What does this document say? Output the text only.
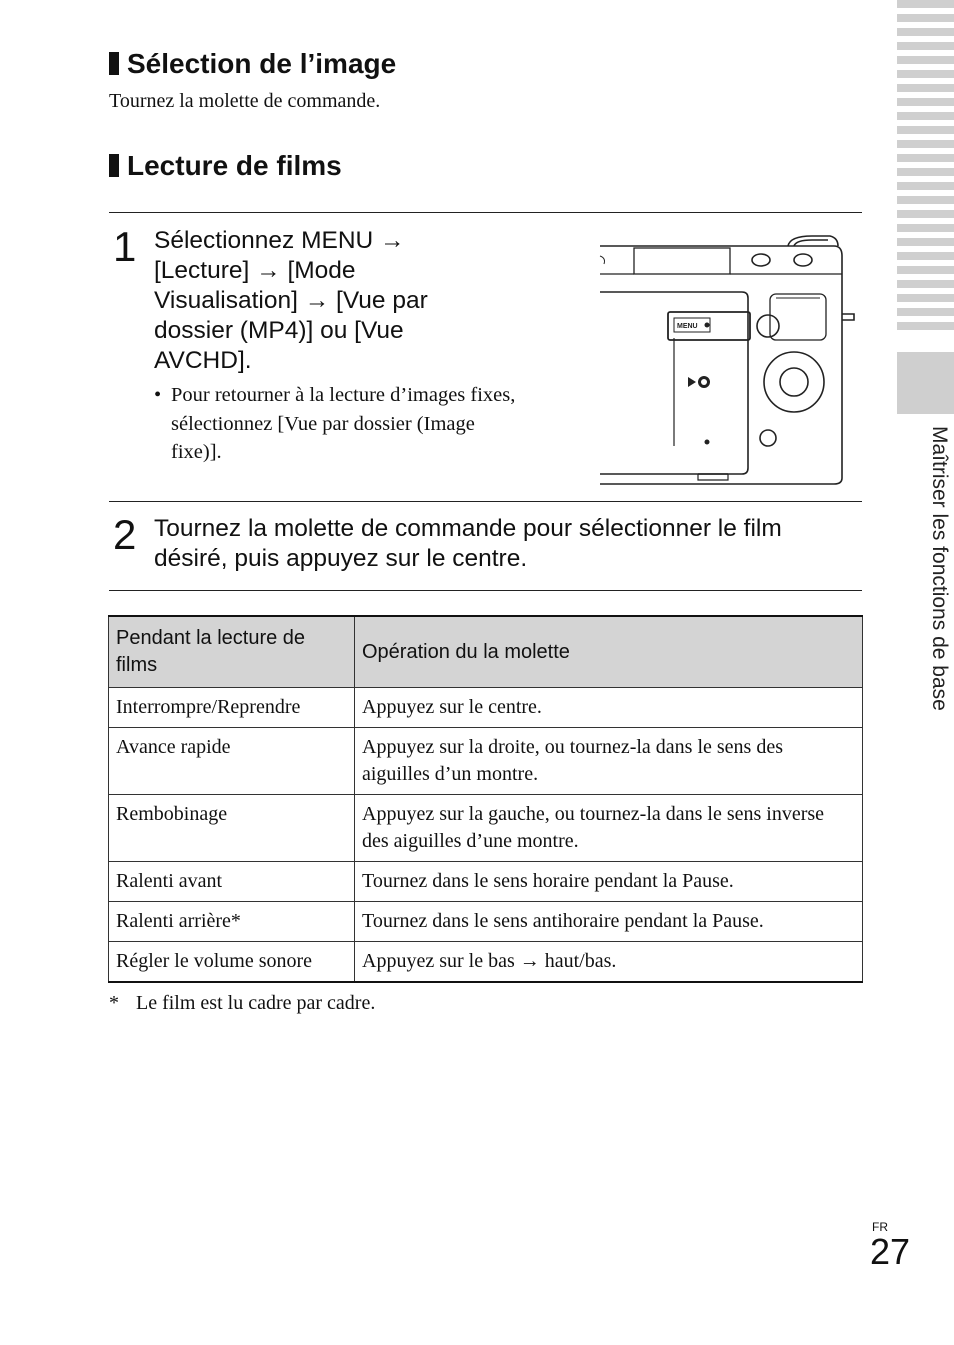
Maîtriser les fonctions de base
Sélection de l’image

Tournez la molette de commande.

Lecture de films
1 Sélectionnez MENU →
[Lecture] → [Mode
Visualisation] → [Vue par
dossier (MP4)] ou [Vue
AVCHD].

• Pour retourner à la lecture d’images fixes, sélectionnez [Vue par dossier (Image fixe)].

MENU
2 Tournez la molette de commande pour sélectionner le film
désiré, puis appuyez sur le centre.

Pendant la lecture de films	Opération du la molette
Interrompre/Reprendre	Appuyez sur le centre.
Avance rapide	Appuyez sur la droite, ou tournez-la dans le sens des aiguilles d’un montre.
Rembobinage	Appuyez sur la gauche, ou tournez-la dans le sens inverse des aiguilles d’une montre.
Ralenti avant	Tournez dans le sens horaire pendant la Pause.
Ralenti arrière*	Tournez dans le sens antihoraire pendant la Pause.
Régler le volume sonore	Appuyez sur le bas → haut/bas.

* Le film est lu cadre par cadre.

FR
27
